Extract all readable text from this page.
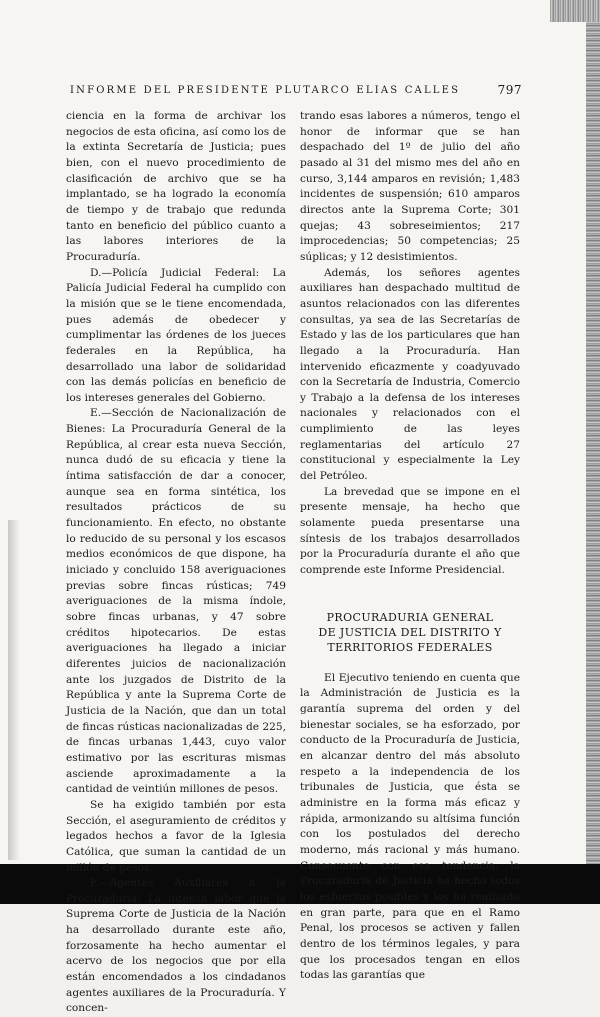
INFORME DEL PRESIDENTE PLUTARCO ELIAS CALLES	797

ciencia en la forma de archivar los negocios de esta oficina, así como los de la extinta Secretaría de Justicia; pues bien, con el nuevo procedimiento de clasificación de archivo que se ha implantado, se ha logrado la economía de tiempo y de trabajo que redunda tanto en beneficio del público cuanto a las labores interiores de la Procuraduría.

D.—Policía Judicial Federal: La Palicía Judicial Federal ha cumplido con la misión que se le tiene encomendada, pues además de obedecer y cumplimentar las órdenes de los jueces federales en la República, ha desarrollado una labor de solidaridad con las demás policías en beneficio de los intereses generales del Gobierno.

E.—Sección de Nacionalización de Bienes: La Procuraduría General de la República, al crear esta nueva Sección, nunca dudó de su eficacia y tiene la íntima satisfacción de dar a conocer, aunque sea en forma sintética, los resultados prácticos de su funcionamiento. En efecto, no obstante lo reducido de su personal y los escasos medios económicos de que dispone, ha iniciado y concluido 158 averiguaciones previas sobre fincas rústicas; 749 averiguaciones de la misma índole, sobre fincas urbanas, y 47 sobre créditos hipotecarios. De estas averiguaciones ha llegado a iniciar diferentes juicios de nacionalización ante los juzgados de Distrito de la República y ante la Suprema Corte de Justicia de la Nación, que dan un total de fincas rústicas nacionalizadas de 225, de fincas urbanas 1,443, cuyo valor estimativo por las escrituras mismas asciende aproximadamente a la cantidad de veintiún millones de pesos.

Se ha exigido también por esta Sección, el aseguramiento de créditos y legados hechos a favor de la Iglesia Católica, que suman la cantidad de un millón de pesos.

F.—Agentes Auxiliares a la Procuraduría: La intensa labor que la Suprema Corte de Justicia de la Nación ha desarrollado durante este año, forzosamente ha hecho aumentar el acervo de los negocios que por ella están encomendados a los cindadanos agentes auxiliares de la Procuraduría. Y concen-

trando esas labores a números, tengo el honor de informar que se han despachado del 1º de julio del año pasado al 31 del mismo mes del año en curso, 3,144 amparos en revisión; 1,483 incidentes de suspensión; 610 amparos directos ante la Suprema Corte; 301 quejas; 43 sobreseimientos; 217 improcedencias; 50 competencias; 25 súplicas; y 12 desistimientos.

Además, los señores agentes auxiliares han despachado multitud de asuntos relacionados con las diferentes consultas, ya sea de las Secretarías de Estado y las de los particulares que han llegado a la Procuraduría. Han intervenido eficazmente y coadyuvado con la Secretaría de Industria, Comercio y Trabajo a la defensa de los intereses nacionales y relacionados con el cumplimiento de las leyes reglamentarias del artículo 27 constitucional y especialmente la Ley del Petróleo.

La brevedad que se impone en el presente mensaje, ha hecho que solamente pueda presentarse una síntesis de los trabajos desarrollados por la Procuraduría durante el año que comprende este Informe Presidencial.

PROCURADURIA GENERAL
DE JUSTICIA DEL DISTRITO Y
TERRITORIOS FEDERALES

El Ejecutivo teniendo en cuenta que la Administración de Justicia es la garantía suprema del orden y del bienestar sociales, se ha esforzado, por conducto de la Procuraduría de Justicia, en alcanzar dentro del más absoluto respeto a la independencia de los tribunales de Justicia, que ésta se administre en la forma más eficaz y rápida, armonizando su altísima función con los postulados del derecho moderno, más racional y más humano. Consecuente con esa tendencia, la Procuraduría de Justicia ha hecho todos los esfuerzos posibles y los ha realizado en gran parte, para que en el Ramo Penal, los procesos se activen y fallen dentro de los términos legales, y para que los procesados tengan en ellos todas las garantías que
